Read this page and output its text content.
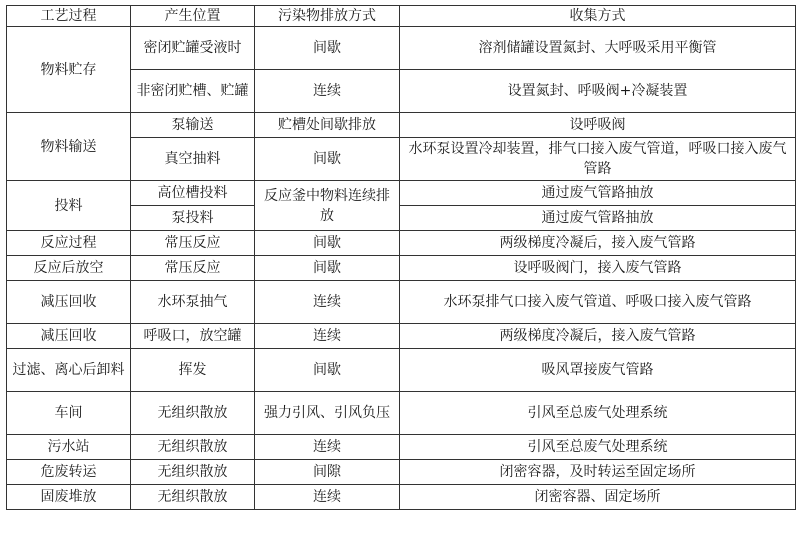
工艺过程	产生位置	污染物排放方式	收集方式
物料贮存	密闭贮罐受液时	间歇	溶剂储罐设置氮封、大呼吸采用平衡管
	非密闭贮槽、贮罐	连续	设置氮封、呼吸阀+冷凝装置
物料输送	泵输送	贮槽处间歇排放	设呼吸阀
	真空抽料	间歇	水环泵设置冷却装置，排气口接入废气管道，呼吸口接入废气管路
投料	高位槽投料	反应釜中物料连续排放	通过废气管路抽放
	泵投料		通过废气管路抽放
反应过程	常压反应	间歇	两级梯度冷凝后，接入废气管路
反应后放空	常压反应	间歇	设呼吸阀门，接入废气管路
减压回收	水环泵抽气	连续	水环泵排气口接入废气管道、呼吸口接入废气管路
减压回收	呼吸口，放空罐	连续	两级梯度冷凝后，接入废气管路
过滤、离心后卸料	挥发	间歇	吸风罩接废气管路
车间	无组织散放	强力引风、引风负压	引风至总废气处理系统
污水站	无组织散放	连续	引风至总废气处理系统
危废转运	无组织散放	间隙	闭密容器，及时转运至固定场所
固废堆放	无组织散放	连续	闭密容器、固定场所
